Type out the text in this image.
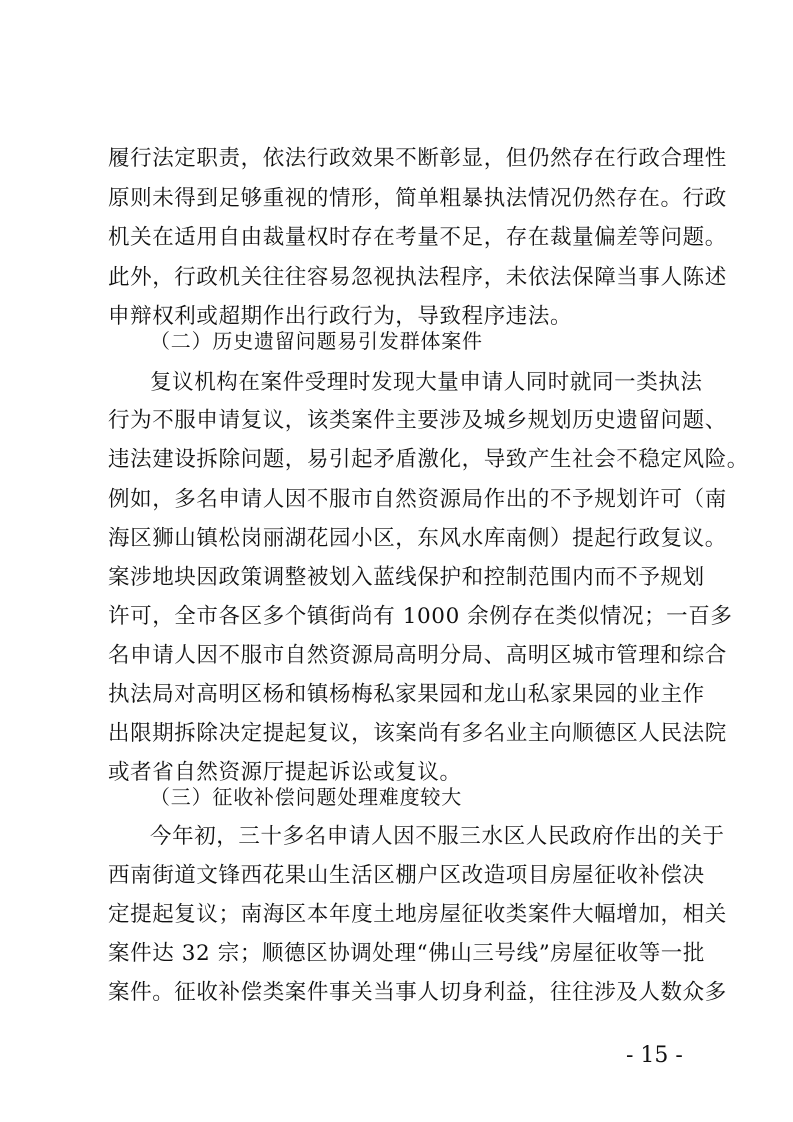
履行法定职责，依法行政效果不断彰显，但仍然存在行政合理性
原则未得到足够重视的情形，简单粗暴执法情况仍然存在。行政
机关在适用自由裁量权时存在考量不足，存在裁量偏差等问题。
此外，行政机关往往容易忽视执法程序，未依法保障当事人陈述
申辩权利或超期作出行政行为，导致程序违法。
（二）历史遗留问题易引发群体案件
复议机构在案件受理时发现大量申请人同时就同一类执法
行为不服申请复议，该类案件主要涉及城乡规划历史遗留问题、
违法建设拆除问题，易引起矛盾激化，导致产生社会不稳定风险。
例如，多名申请人因不服市自然资源局作出的不予规划许可（南
海区狮山镇松岗丽湖花园小区，东风水库南侧）提起行政复议。
案涉地块因政策调整被划入蓝线保护和控制范围内而不予规划
许可，全市各区多个镇街尚有 1000 余例存在类似情况；一百多
名申请人因不服市自然资源局高明分局、高明区城市管理和综合
执法局对高明区杨和镇杨梅私家果园和龙山私家果园的业主作
出限期拆除决定提起复议，该案尚有多名业主向顺德区人民法院
或者省自然资源厅提起诉讼或复议。
（三）征收补偿问题处理难度较大
今年初，三十多名申请人因不服三水区人民政府作出的关于
西南街道文锋西花果山生活区棚户区改造项目房屋征收补偿决
定提起复议；南海区本年度土地房屋征收类案件大幅增加，相关
案件达 32 宗；顺德区协调处理“佛山三号线”房屋征收等一批
案件。征收补偿类案件事关当事人切身利益，往往涉及人数众多
- 15 -
